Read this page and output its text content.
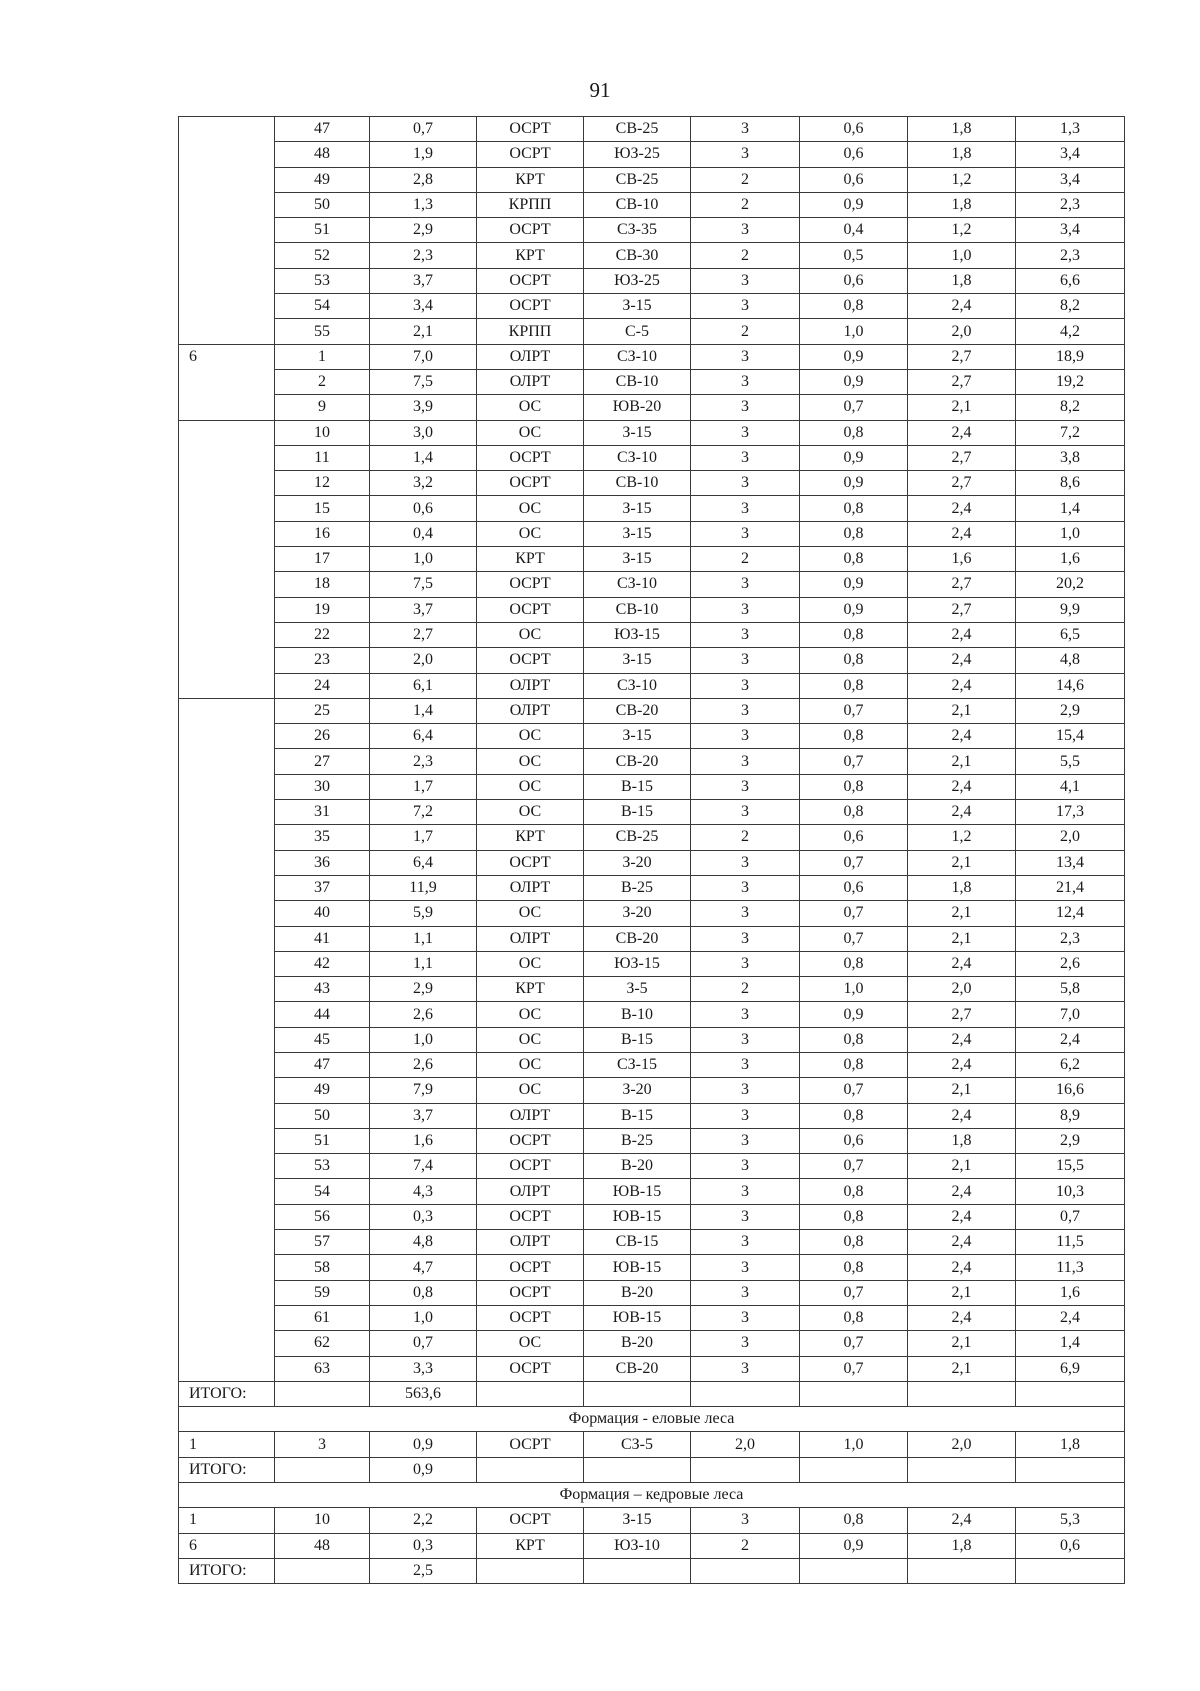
91
	47	0,7	ОСРТ	СВ-25	3	0,6	1,8	1,3
	48	1,9	ОСРТ	ЮЗ-25	3	0,6	1,8	3,4
	49	2,8	КРТ	СВ-25	2	0,6	1,2	3,4
	50	1,3	КРПП	СВ-10	2	0,9	1,8	2,3
	51	2,9	ОСРТ	СЗ-35	3	0,4	1,2	3,4
	52	2,3	КРТ	СВ-30	2	0,5	1,0	2,3
	53	3,7	ОСРТ	ЮЗ-25	3	0,6	1,8	6,6
	54	3,4	ОСРТ	З-15	3	0,8	2,4	8,2
	55	2,1	КРПП	С-5	2	1,0	2,0	4,2
6	1	7,0	ОЛРТ	СЗ-10	3	0,9	2,7	18,9
	2	7,5	ОЛРТ	СВ-10	3	0,9	2,7	19,2
	9	3,9	ОС	ЮВ-20	3	0,7	2,1	8,2
	10	3,0	ОС	З-15	3	0,8	2,4	7,2
	11	1,4	ОСРТ	СЗ-10	3	0,9	2,7	3,8
	12	3,2	ОСРТ	СВ-10	3	0,9	2,7	8,6
	15	0,6	ОС	З-15	3	0,8	2,4	1,4
	16	0,4	ОС	З-15	3	0,8	2,4	1,0
	17	1,0	КРТ	З-15	2	0,8	1,6	1,6
	18	7,5	ОСРТ	СЗ-10	3	0,9	2,7	20,2
	19	3,7	ОСРТ	СВ-10	3	0,9	2,7	9,9
	22	2,7	ОС	ЮЗ-15	3	0,8	2,4	6,5
	23	2,0	ОСРТ	З-15	3	0,8	2,4	4,8
	24	6,1	ОЛРТ	СЗ-10	3	0,8	2,4	14,6
	25	1,4	ОЛРТ	СВ-20	3	0,7	2,1	2,9
	26	6,4	ОС	З-15	3	0,8	2,4	15,4
	27	2,3	ОС	СВ-20	3	0,7	2,1	5,5
	30	1,7	ОС	В-15	3	0,8	2,4	4,1
	31	7,2	ОС	В-15	3	0,8	2,4	17,3
	35	1,7	КРТ	СВ-25	2	0,6	1,2	2,0
	36	6,4	ОСРТ	З-20	3	0,7	2,1	13,4
	37	11,9	ОЛРТ	В-25	3	0,6	1,8	21,4
	40	5,9	ОС	З-20	3	0,7	2,1	12,4
	41	1,1	ОЛРТ	СВ-20	3	0,7	2,1	2,3
	42	1,1	ОС	ЮЗ-15	3	0,8	2,4	2,6
	43	2,9	КРТ	З-5	2	1,0	2,0	5,8
	44	2,6	ОС	В-10	3	0,9	2,7	7,0
	45	1,0	ОС	В-15	3	0,8	2,4	2,4
	47	2,6	ОС	СЗ-15	3	0,8	2,4	6,2
	49	7,9	ОС	З-20	3	0,7	2,1	16,6
	50	3,7	ОЛРТ	В-15	3	0,8	2,4	8,9
	51	1,6	ОСРТ	В-25	3	0,6	1,8	2,9
	53	7,4	ОСРТ	В-20	3	0,7	2,1	15,5
	54	4,3	ОЛРТ	ЮВ-15	3	0,8	2,4	10,3
	56	0,3	ОСРТ	ЮВ-15	3	0,8	2,4	0,7
	57	4,8	ОЛРТ	СВ-15	3	0,8	2,4	11,5
	58	4,7	ОСРТ	ЮВ-15	3	0,8	2,4	11,3
	59	0,8	ОСРТ	В-20	3	0,7	2,1	1,6
	61	1,0	ОСРТ	ЮВ-15	3	0,8	2,4	2,4
	62	0,7	ОС	В-20	3	0,7	2,1	1,4
	63	3,3	ОСРТ	СВ-20	3	0,7	2,1	6,9
ИТОГО:		563,6						
Формация - еловые леса								
1	3	0,9	ОСРТ	СЗ-5	2,0	1,0	2,0	1,8
ИТОГО:		0,9						
Формация – кедровые леса								
1	10	2,2	ОСРТ	З-15	3	0,8	2,4	5,3
6	48	0,3	КРТ	ЮЗ-10	2	0,9	1,8	0,6
ИТОГО:		2,5						
